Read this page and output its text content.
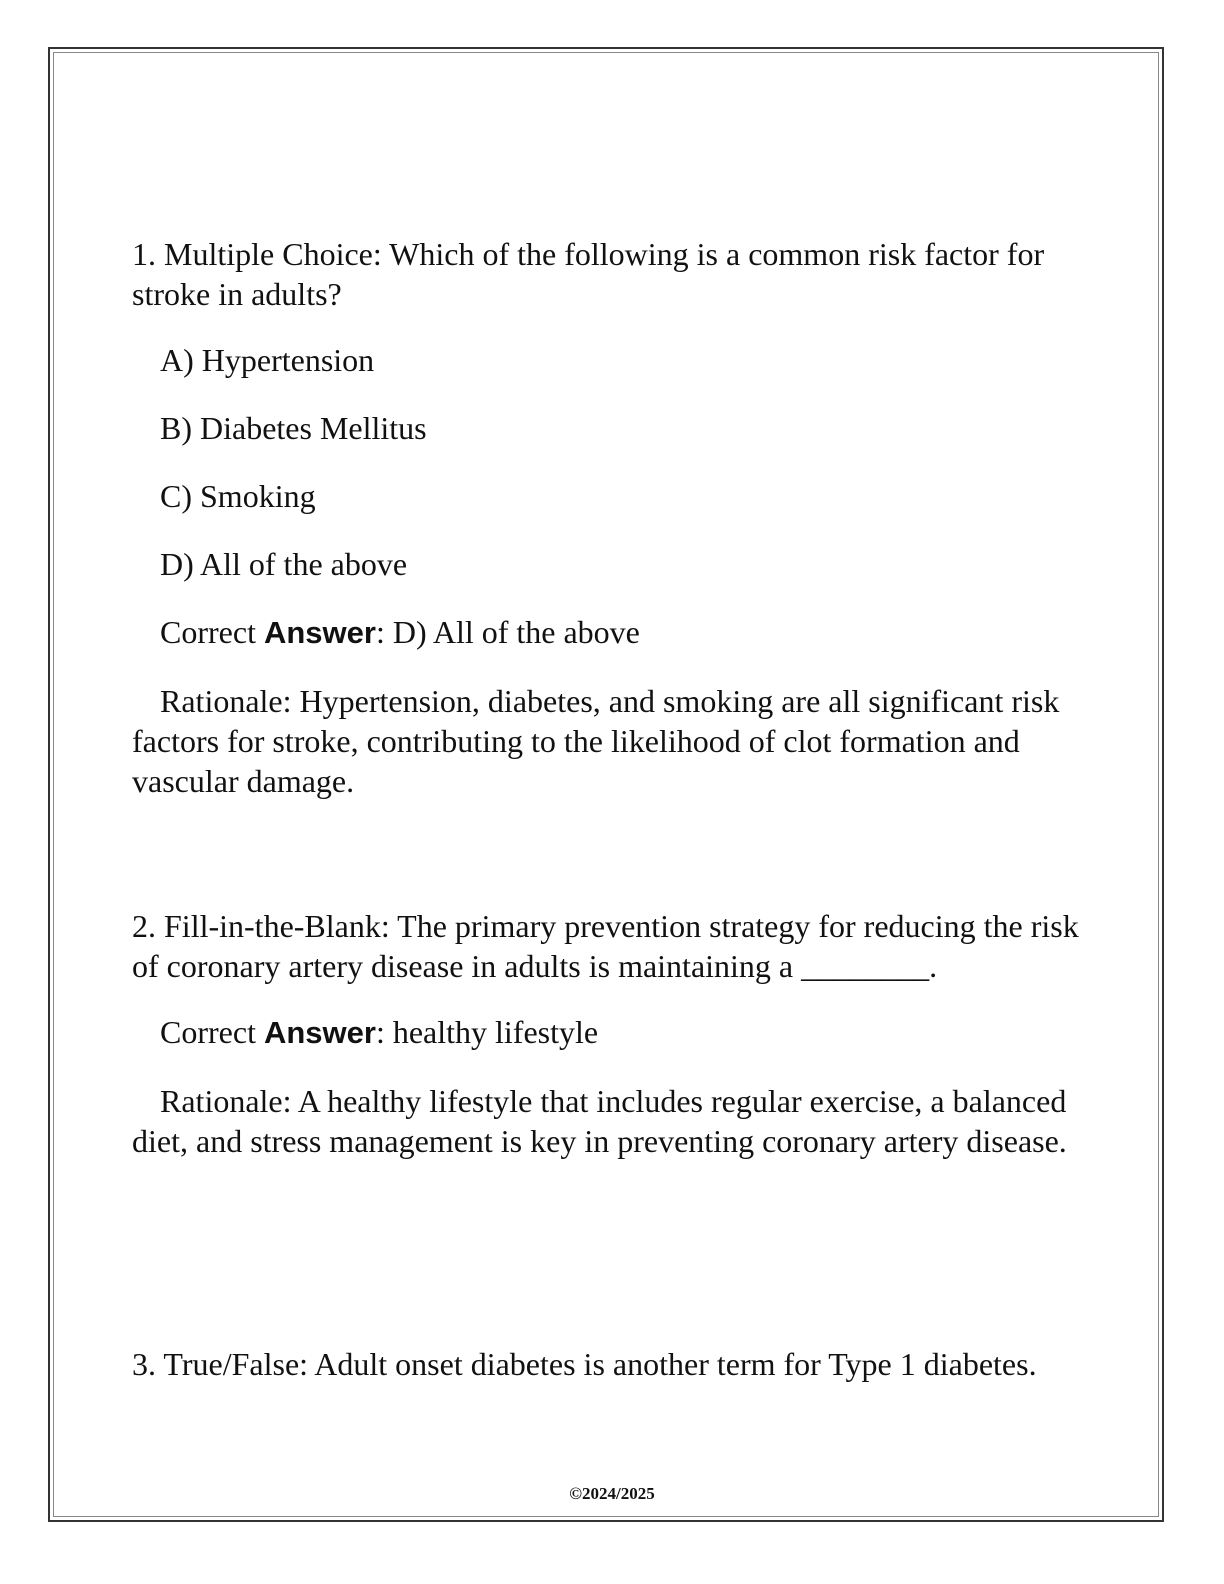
1. Multiple Choice: Which of the following is a common risk factor for stroke in adults?

A) Hypertension

B) Diabetes Mellitus

C) Smoking

D) All of the above

Correct Answer: D) All of the above

Rationale: Hypertension, diabetes, and smoking are all significant risk factors for stroke, contributing to the likelihood of clot formation and vascular damage.

2. Fill-in-the-Blank: The primary prevention strategy for reducing the risk of coronary artery disease in adults is maintaining a ________.

Correct Answer: healthy lifestyle

Rationale: A healthy lifestyle that includes regular exercise, a balanced diet, and stress management is key in preventing coronary artery disease.

3. True/False: Adult onset diabetes is another term for Type 1 diabetes.

©2024/2025
